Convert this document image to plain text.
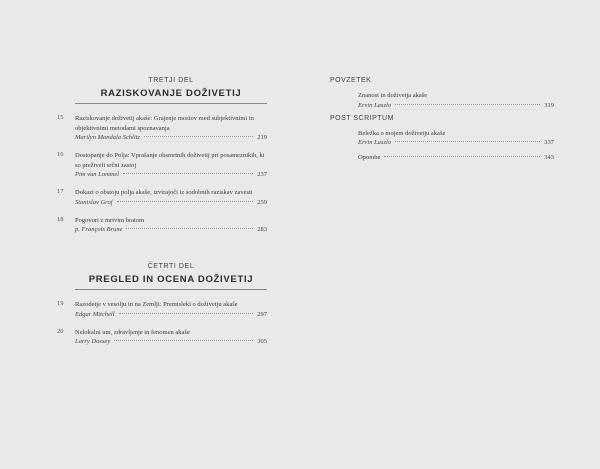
TRETJI DEL
RAZISKOVANJE DOŽIVETIJ
15 Raziskovanje doživetij akaše: Grajenje mostov med subjektivnimi in objektivnimi metodami spoznavanja
Marilyn Mandala Schlitz	219
16 Dostopanje do Polja: Vprašanje obsmrtnih doživetij pri posameznikih, ki so preživeli srčni zastoj
Pim van Lommel	237
17 Dokazi o obstoju polja akaše, izvirajoči iz sodobnih raziskav zavesti
Stanislav Grof	259
18 Pogovori z mrtvim bratom
p. François Brune	283
ČETRTI DEL
PREGLED IN OCENA DOŽIVETIJ
19 Razodetje v vesolju in na Zemlji: Premisleki o doživetju akaše
Edgar Mitchell	297
20 Nelokalni um, zdravljenje in fenomen akaše
Larry Dossey	305
POVZETEK
Znanost in doživetja akaše
Ervin Laszlo	319
POST SCRIPTUM
Beležka o mojem doživetju akaše
Ervin Laszlo	337
Opombe	343
